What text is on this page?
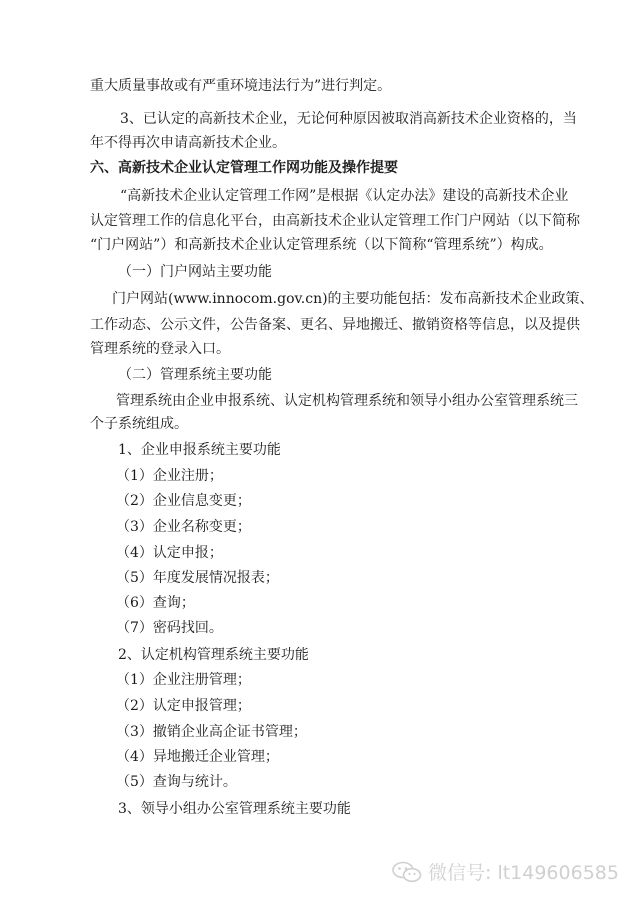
重大质量事故或有严重环境违法行为”进行判定。
3、已认定的高新技术企业，无论何种原因被取消高新技术企业资格的，当
年不得再次申请高新技术企业。
六、高新技术企业认定管理工作网功能及操作提要
“高新技术企业认定管理工作网”是根据《认定办法》建设的高新技术企业
认定管理工作的信息化平台，由高新技术企业认定管理工作门户网站（以下简称
“门户网站”）和高新技术企业认定管理系统（以下简称“管理系统”）构成。
（一）门户网站主要功能
门户网站(www.innocom.gov.cn)的主要功能包括：发布高新技术企业政策、
工作动态、公示文件，公告备案、更名、异地搬迁、撤销资格等信息，以及提供
管理系统的登录入口。
（二）管理系统主要功能
管理系统由企业申报系统、认定机构管理系统和领导小组办公室管理系统三
个子系统组成。
1、企业申报系统主要功能
（1）企业注册；
（2）企业信息变更；
（3）企业名称变更；
（4）认定申报；
（5）年度发展情况报表；
（6）查询；
（7）密码找回。
2、认定机构管理系统主要功能
（1）企业注册管理；
（2）认定申报管理；
（3）撤销企业高企证书管理；
（4）异地搬迁企业管理；
（5）查询与统计。
3、领导小组办公室管理系统主要功能
微信号: lt149606585
